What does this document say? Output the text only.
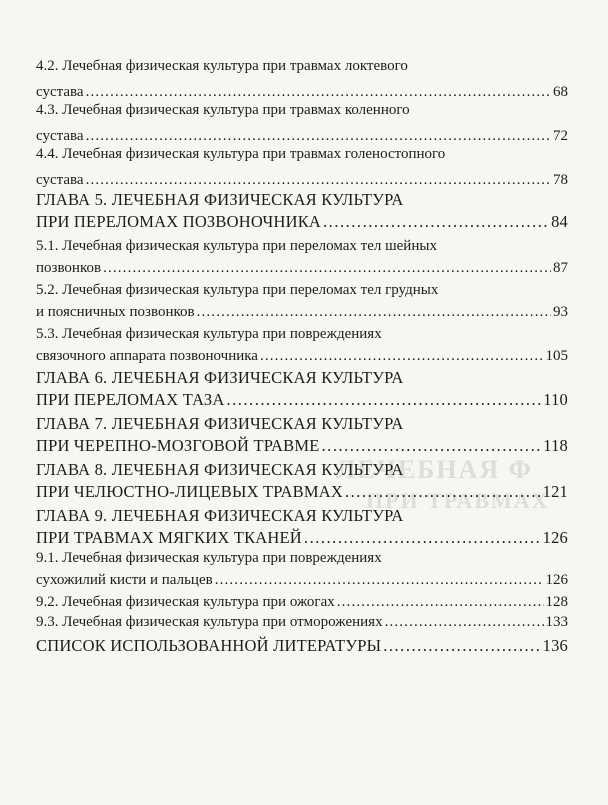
ЛЕЧЕБНАЯ Ф
ПРИ ТРАВМАХ
4.2. Лечебная физическая культура при травмах локтевого
сустава . . .	68
4.3. Лечебная физическая культура при травмах коленного
сустава . . .	72
4.4. Лечебная физическая культура при травмах голеностопного
сустава . . .	78
ГЛАВА 5. ЛЕЧЕБНАЯ ФИЗИЧЕСКАЯ КУЛЬТУРА
ПРИ ПЕРЕЛОМАХ ПОЗВОНОЧНИКА . . .	84
5.1. Лечебная физическая культура при переломах тел шейных
позвонков . . .	87
5.2. Лечебная физическая культура при переломах тел грудных
и поясничных позвонков . . .	93
5.3. Лечебная физическая культура при повреждениях
связочного аппарата позвоночника . . .	105
ГЛАВА 6. ЛЕЧЕБНАЯ ФИЗИЧЕСКАЯ КУЛЬТУРА
ПРИ ПЕРЕЛОМАХ ТАЗА . . .	110
ГЛАВА 7. ЛЕЧЕБНАЯ ФИЗИЧЕСКАЯ КУЛЬТУРА
ПРИ ЧЕРЕПНО-МОЗГОВОЙ ТРАВМЕ . . .	118
ГЛАВА 8. ЛЕЧЕБНАЯ ФИЗИЧЕСКАЯ КУЛЬТУРА
ПРИ ЧЕЛЮСТНО-ЛИЦЕВЫХ ТРАВМАХ . . .	121
ГЛАВА 9. ЛЕЧЕБНАЯ ФИЗИЧЕСКАЯ КУЛЬТУРА
ПРИ ТРАВМАХ МЯГКИХ ТКАНЕЙ . . .	126
9.1. Лечебная физическая культура при повреждениях
сухожилий кисти и пальцев . . .	126
9.2. Лечебная физическая культура при ожогах . . .	128
9.3. Лечебная физическая культура при отморожениях . . .	133
СПИСОК ИСПОЛЬЗОВАННОЙ ЛИТЕРАТУРЫ . . .	136
